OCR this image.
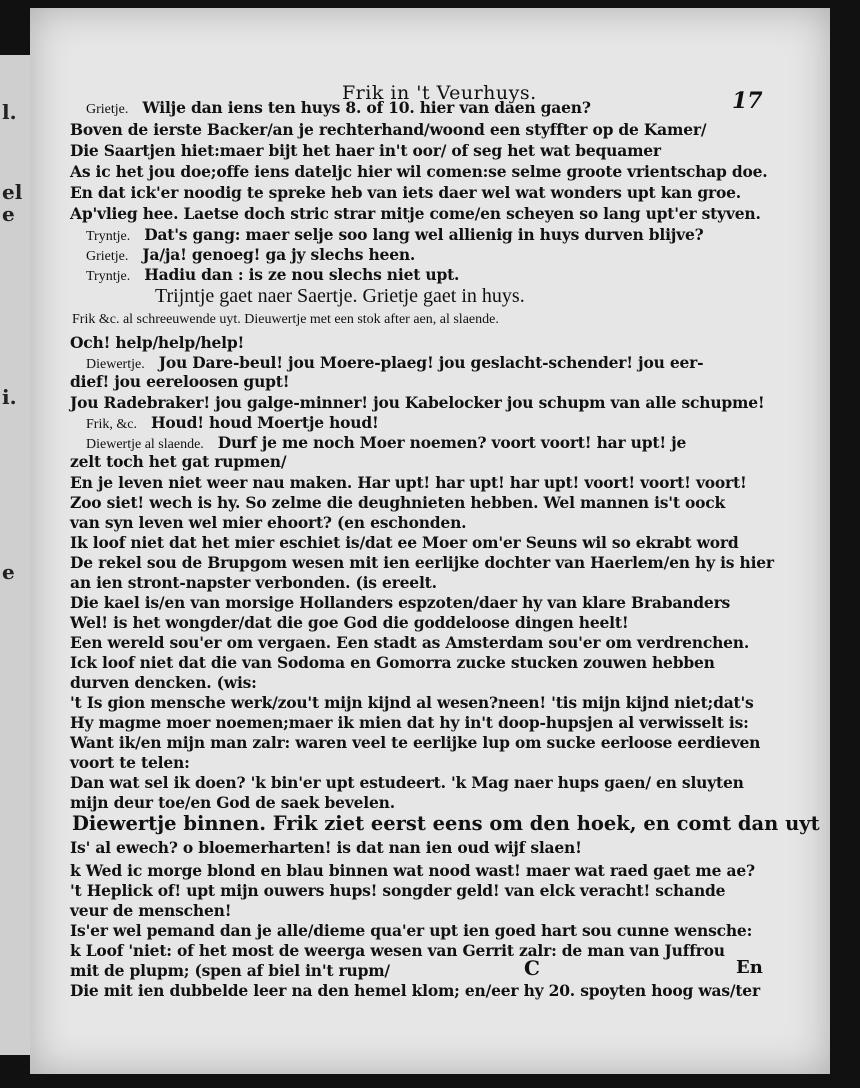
l.
el
e
i.
e
Frik in 't Veurhuys.	17
Grietje. Wilje dan iens ten huys 8. of 10. hier van daen gaen?
Boven de ierste Backer/an je rechterhand/woond een styffter op de Kamer/
Die Saartjen hiet:maer bijt het haer in't oor/ of seg het wat bequamer
As ic het jou doe;offe iens dateljc hier wil comen:se selme groote vrientschap doe.
En dat ick'er noodig te spreke heb van iets daer wel wat wonders upt kan groe.
Ap'vlieg hee. Laetse doch stric strar mitje come/en scheyen so lang upt'er styven.
Tryntje. Dat's gang: maer selje soo lang wel allienig in huys durven blijve?
Grietje. Ja/ja! genoeg! ga jy slechs heen.
Tryntje. Hadiu dan : is ze nou slechs niet upt.
Trijntje gaet naer Saertje. Grietje gaet in huys.
Frik &c. al schreeuwende uyt. Dieuwertje met een stok after aen, al slaende.
Och! help/help/help!
Diewertje. Jou Dare-beul! jou Moere-plaeg! jou geslacht-schender! jou eer-
dief! jou eereloosen gupt!
Jou Radebraker! jou galge-minner! jou Kabelocker jou schupm van alle schupme!
Frik, &c. Houd! houd Moertje houd!
Diewertje al slaende. Durf je me noch Moer noemen? voort voort! har upt! je
zelt toch het gat rupmen/
En je leven niet weer nau maken. Har upt! har upt! har upt! voort! voort! voort!
Zoo siet! wech is hy. So zelme die deughnieten hebben. Wel mannen is't oock
van syn leven wel mier ehoort? (en eschonden.
Ik loof niet dat het mier eschiet is/dat ee Moer om'er Seuns wil so ekrabt word
De rekel sou de Brupgom wesen mit ien eerlijke dochter van Haerlem/en hy is hier
an ien stront-napster verbonden. (is ereelt.
Die kael is/en van morsige Hollanders espzoten/daer hy van klare Brabanders
Wel! is het wongder/dat die goe God die goddeloose dingen heelt!
Een wereld sou'er om vergaen. Een stadt as Amsterdam sou'er om verdrenchen.
Ick loof niet dat die van Sodoma en Gomorra zucke stucken zouwen hebben
durven dencken. (wis:
't Is gion mensche werk/zou't mijn kijnd al wesen?neen! 'tis mijn kijnd niet;dat's
Hy magme moer noemen;maer ik mien dat hy in't doop-hupsjen al verwisselt is:
Want ik/en mijn man zalr: waren veel te eerlijke lup om sucke eerloose eerdieven
voort te telen:
Dan wat sel ik doen? 'k bin'er upt estudeert. 'k Mag naer hups gaen/ en sluyten
mijn deur toe/en God de saek bevelen.
Diewertje binnen. Frik ziet eerst eens om den hoek, en comt dan uyt
Is' al ewech? o bloemerharten! is dat nan ien oud wijf slaen!
k Wed ic morge blond en blau binnen wat nood wast! maer wat raed gaet me ae?
't Heplick of! upt mijn ouwers hups! songder geld! van elck veracht! schande
veur de menschen!
Is'er wel pemand dan je alle/dieme qua'er upt ien goed hart sou cunne wensche:
k Loof 'niet: of het most de weerga wesen van Gerrit zalr: de man van Juffrou
mit de plupm; (spen af biel in't rupm/
Die mit ien dubbelde leer na den hemel klom; en/eer hy 20. spoyten hoog was/ter
C	En
